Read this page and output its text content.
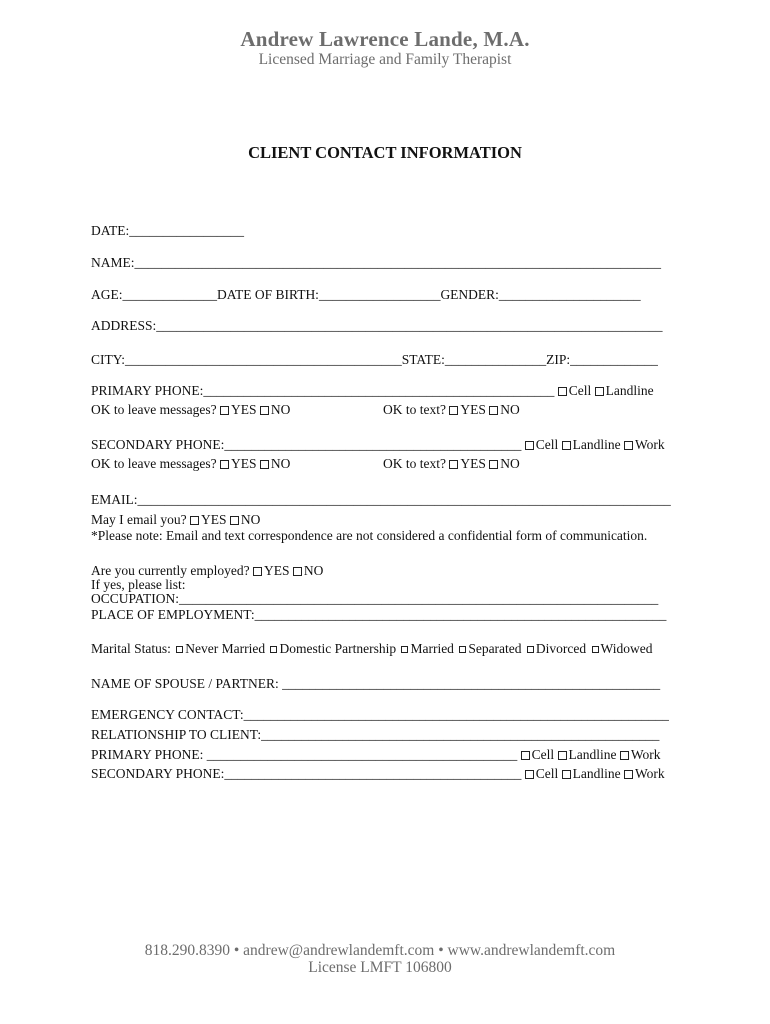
Andrew Lawrence Lande, M.A.
Licensed Marriage and Family Therapist
CLIENT CONTACT INFORMATION
DATE:_________________
NAME:______________________________________________________________________________
AGE:______________DATE OF BIRTH:__________________GENDER:_____________________
ADDRESS:___________________________________________________________________________
CITY:_________________________________________STATE:_______________ZIP:_____________
PRIMARY PHONE:____________________________________________________ Cell Landline
OK to leave messages? YES NO	OK to text? YES NO
SECONDARY PHONE:____________________________________________ Cell Landline Work
OK to leave messages? YES NO	OK to text? YES NO
EMAIL:_______________________________________________________________________________
May I email you? YES NO
*Please note: Email and text correspondence are not considered a confidential form of communication.
Are you currently employed? YES NO
If yes, please list:
OCCUPATION:_______________________________________________________________________
PLACE OF EMPLOYMENT:_____________________________________________________________
Marital Status: Never Married Domestic Partnership Married Separated Divorced Widowed
NAME OF SPOUSE / PARTNER: ________________________________________________________
EMERGENCY CONTACT:_______________________________________________________________
RELATIONSHIP TO CLIENT:___________________________________________________________
PRIMARY PHONE: ______________________________________________ Cell Landline Work
SECONDARY PHONE:____________________________________________ Cell Landline Work
818.290.8390 • andrew@andrewlandemft.com • www.andrewlandemft.com
License LMFT 106800
